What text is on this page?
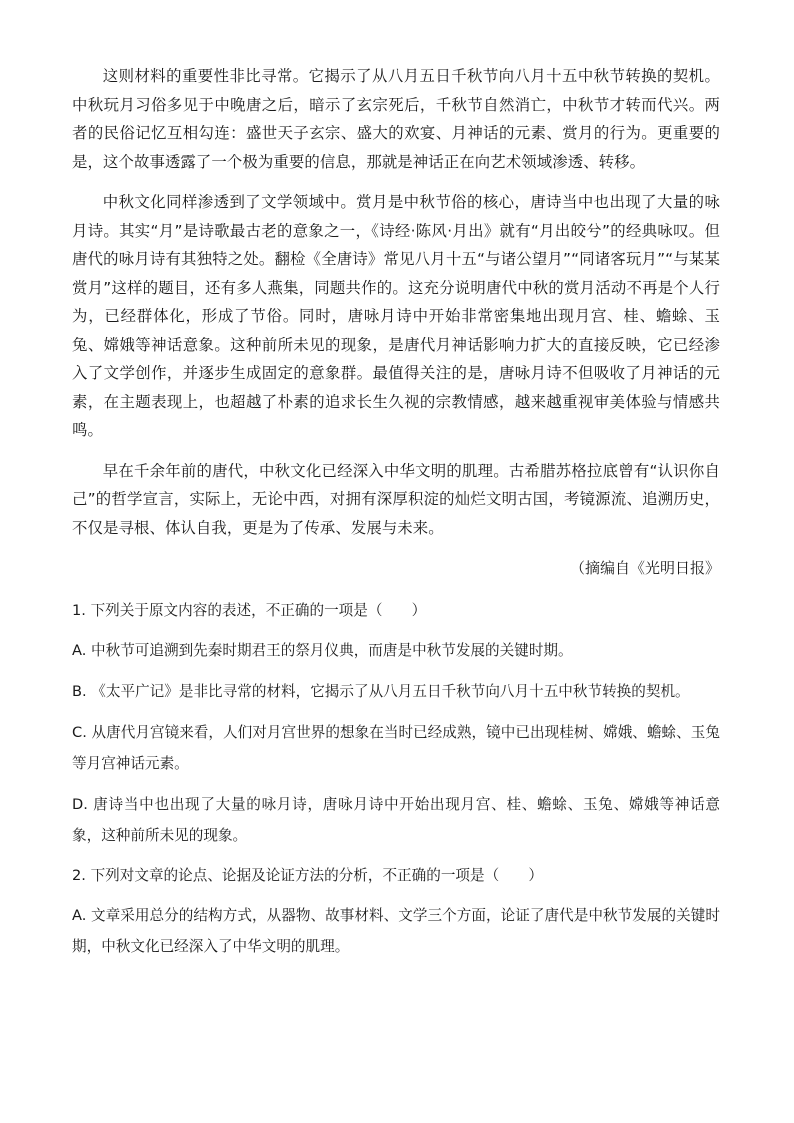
这则材料的重要性非比寻常。它揭示了从八月五日千秋节向八月十五中秋节转换的契机。中秋玩月习俗多见于中晚唐之后，暗示了玄宗死后，千秋节自然消亡，中秋节才转而代兴。两者的民俗记忆互相勾连：盛世天子玄宗、盛大的欢宴、月神话的元素、赏月的行为。更重要的是，这个故事透露了一个极为重要的信息，那就是神话正在向艺术领域渗透、转移。

中秋文化同样渗透到了文学领域中。赏月是中秋节俗的核心，唐诗当中也出现了大量的咏月诗。其实“月”是诗歌最古老的意象之一，《诗经·陈风·月出》就有“月出皎兮”的经典咏叹。但唐代的咏月诗有其独特之处。翻检《全唐诗》常见八月十五“与诸公望月”“同诸客玩月”“与某某赏月”这样的题目，还有多人燕集，同题共作的。这充分说明唐代中秋的赏月活动不再是个人行为，已经群体化，形成了节俗。同时，唐咏月诗中开始非常密集地出现月宫、桂、蟾蜍、玉兔、嫦娥等神话意象。这种前所未见的现象，是唐代月神话影响力扩大的直接反映，它已经渗入了文学创作，并逐步生成固定的意象群。最值得关注的是，唐咏月诗不但吸收了月神话的元素，在主题表现上，也超越了朴素的追求长生久视的宗教情感，越来越重视审美体验与情感共鸣。

早在千余年前的唐代，中秋文化已经深入中华文明的肌理。古希腊苏格拉底曾有“认识你自己”的哲学宣言，实际上，无论中西，对拥有深厚积淀的灿烂文明古国，考镜源流、追溯历史，不仅是寻根、体认自我，更是为了传承、发展与未来。

（摘编自《光明日报》

1. 下列关于原文内容的表述，不正确的一项是（　　）

A. 中秋节可追溯到先秦时期君王的祭月仪典，而唐是中秋节发展的关键时期。

B. 《太平广记》是非比寻常的材料，它揭示了从八月五日千秋节向八月十五中秋节转换的契机。

C. 从唐代月宫镜来看，人们对月宫世界的想象在当时已经成熟，镜中已出现桂树、嫦娥、蟾蜍、玉兔等月宫神话元素。

D. 唐诗当中也出现了大量的咏月诗，唐咏月诗中开始出现月宫、桂、蟾蜍、玉兔、嫦娥等神话意象，这种前所未见的现象。

2. 下列对文章的论点、论据及论证方法的分析，不正确的一项是（　　）

A. 文章采用总分的结构方式，从器物、故事材料、文学三个方面，论证了唐代是中秋节发展的关键时期，中秋文化已经深入了中华文明的肌理。
